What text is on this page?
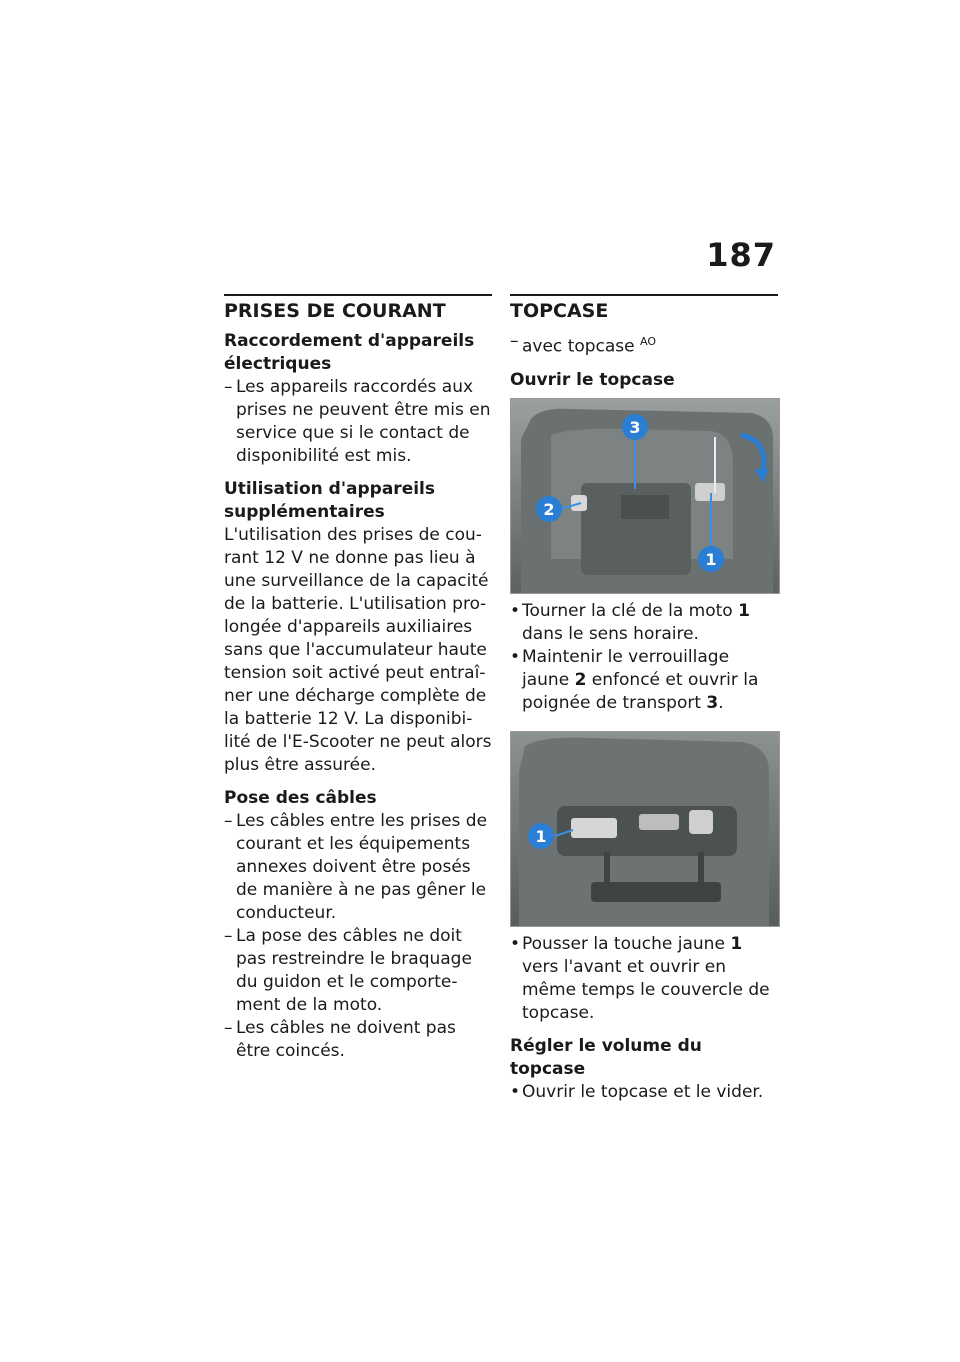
187
PRISES DE COURANT
Raccordement d'appareils électriques
– Les appareils raccordés aux prises ne peuvent être mis en service que si le contact de disponibilité est mis.
Utilisation d'appareils supplémentaires
L'utilisation des prises de courant 12 V ne donne pas lieu à une surveillance de la capacité de la batterie. L'utilisation prolongée d'appareils auxiliaires sans que l'accumulateur haute tension soit activé peut entraîner une décharge complète de la batterie 12 V. La disponibilité de l'E-Scooter ne peut alors plus être assurée.
Pose des câbles
– Les câbles entre les prises de courant et les équipements annexes doivent être posés de manière à ne pas gêner le conducteur.
– La pose des câbles ne doit pas restreindre le braquage du guidon et le comportement de la moto.
– Les câbles ne doivent pas être coincés.
TOPCASE
– avec topcase $^{AO}$
Ouvrir le topcase
2
3
1
• Tourner la clé de la moto 1 dans le sens horaire.
• Maintenir le verrouillage jaune 2 enfoncé et ouvrir la poignée de transport 3.
1
• Pousser la touche jaune 1 vers l'avant et ouvrir en même temps le couvercle de topcase.
Régler le volume du topcase
• Ouvrir le topcase et le vider.
